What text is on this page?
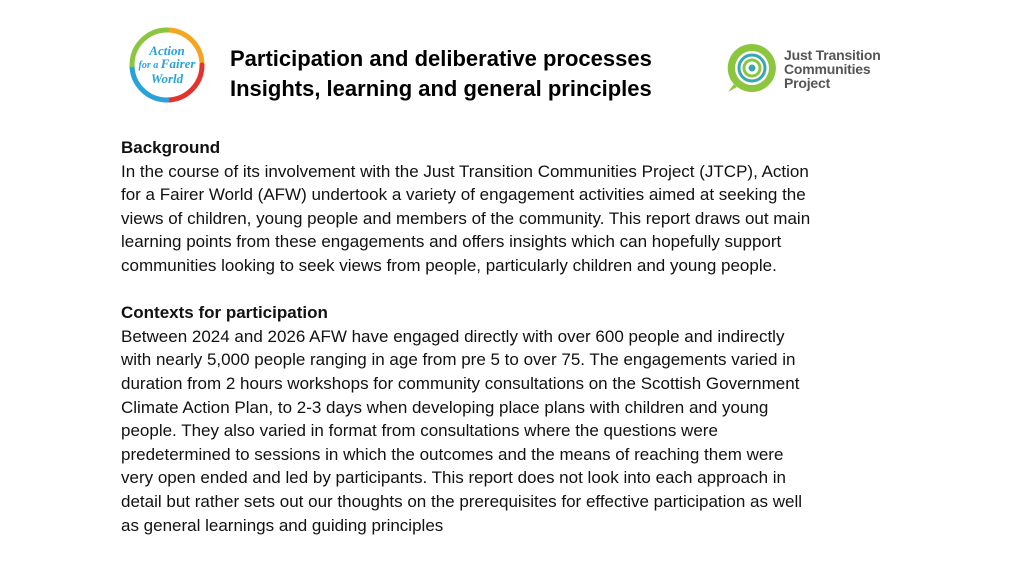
Action
for a Fairer
World
Participation and deliberative processes
Insights, learning and general principles
Just Transition
Communities
Project
Background
In the course of its involvement with the Just Transition Communities Project (JTCP), Action
for a Fairer World (AFW) undertook a variety of engagement activities aimed at seeking the
views of children, young people and members of the community. This report draws out main
learning points from these engagements and offers insights which can hopefully support
communities looking to seek views from people, particularly children and young people.
Contexts for participation
Between 2024 and 2026 AFW have engaged directly with over 600 people and indirectly
with nearly 5,000 people ranging in age from pre 5 to over 75. The engagements varied in
duration from 2 hours workshops for community consultations on the Scottish Government
Climate Action Plan, to 2-3 days when developing place plans with children and young
people. They also varied in format from consultations where the questions were
predetermined to sessions in which the outcomes and the means of reaching them were
very open ended and led by participants. This report does not look into each approach in
detail but rather sets out our thoughts on the prerequisites for effective participation as well
as general learnings and guiding principles
